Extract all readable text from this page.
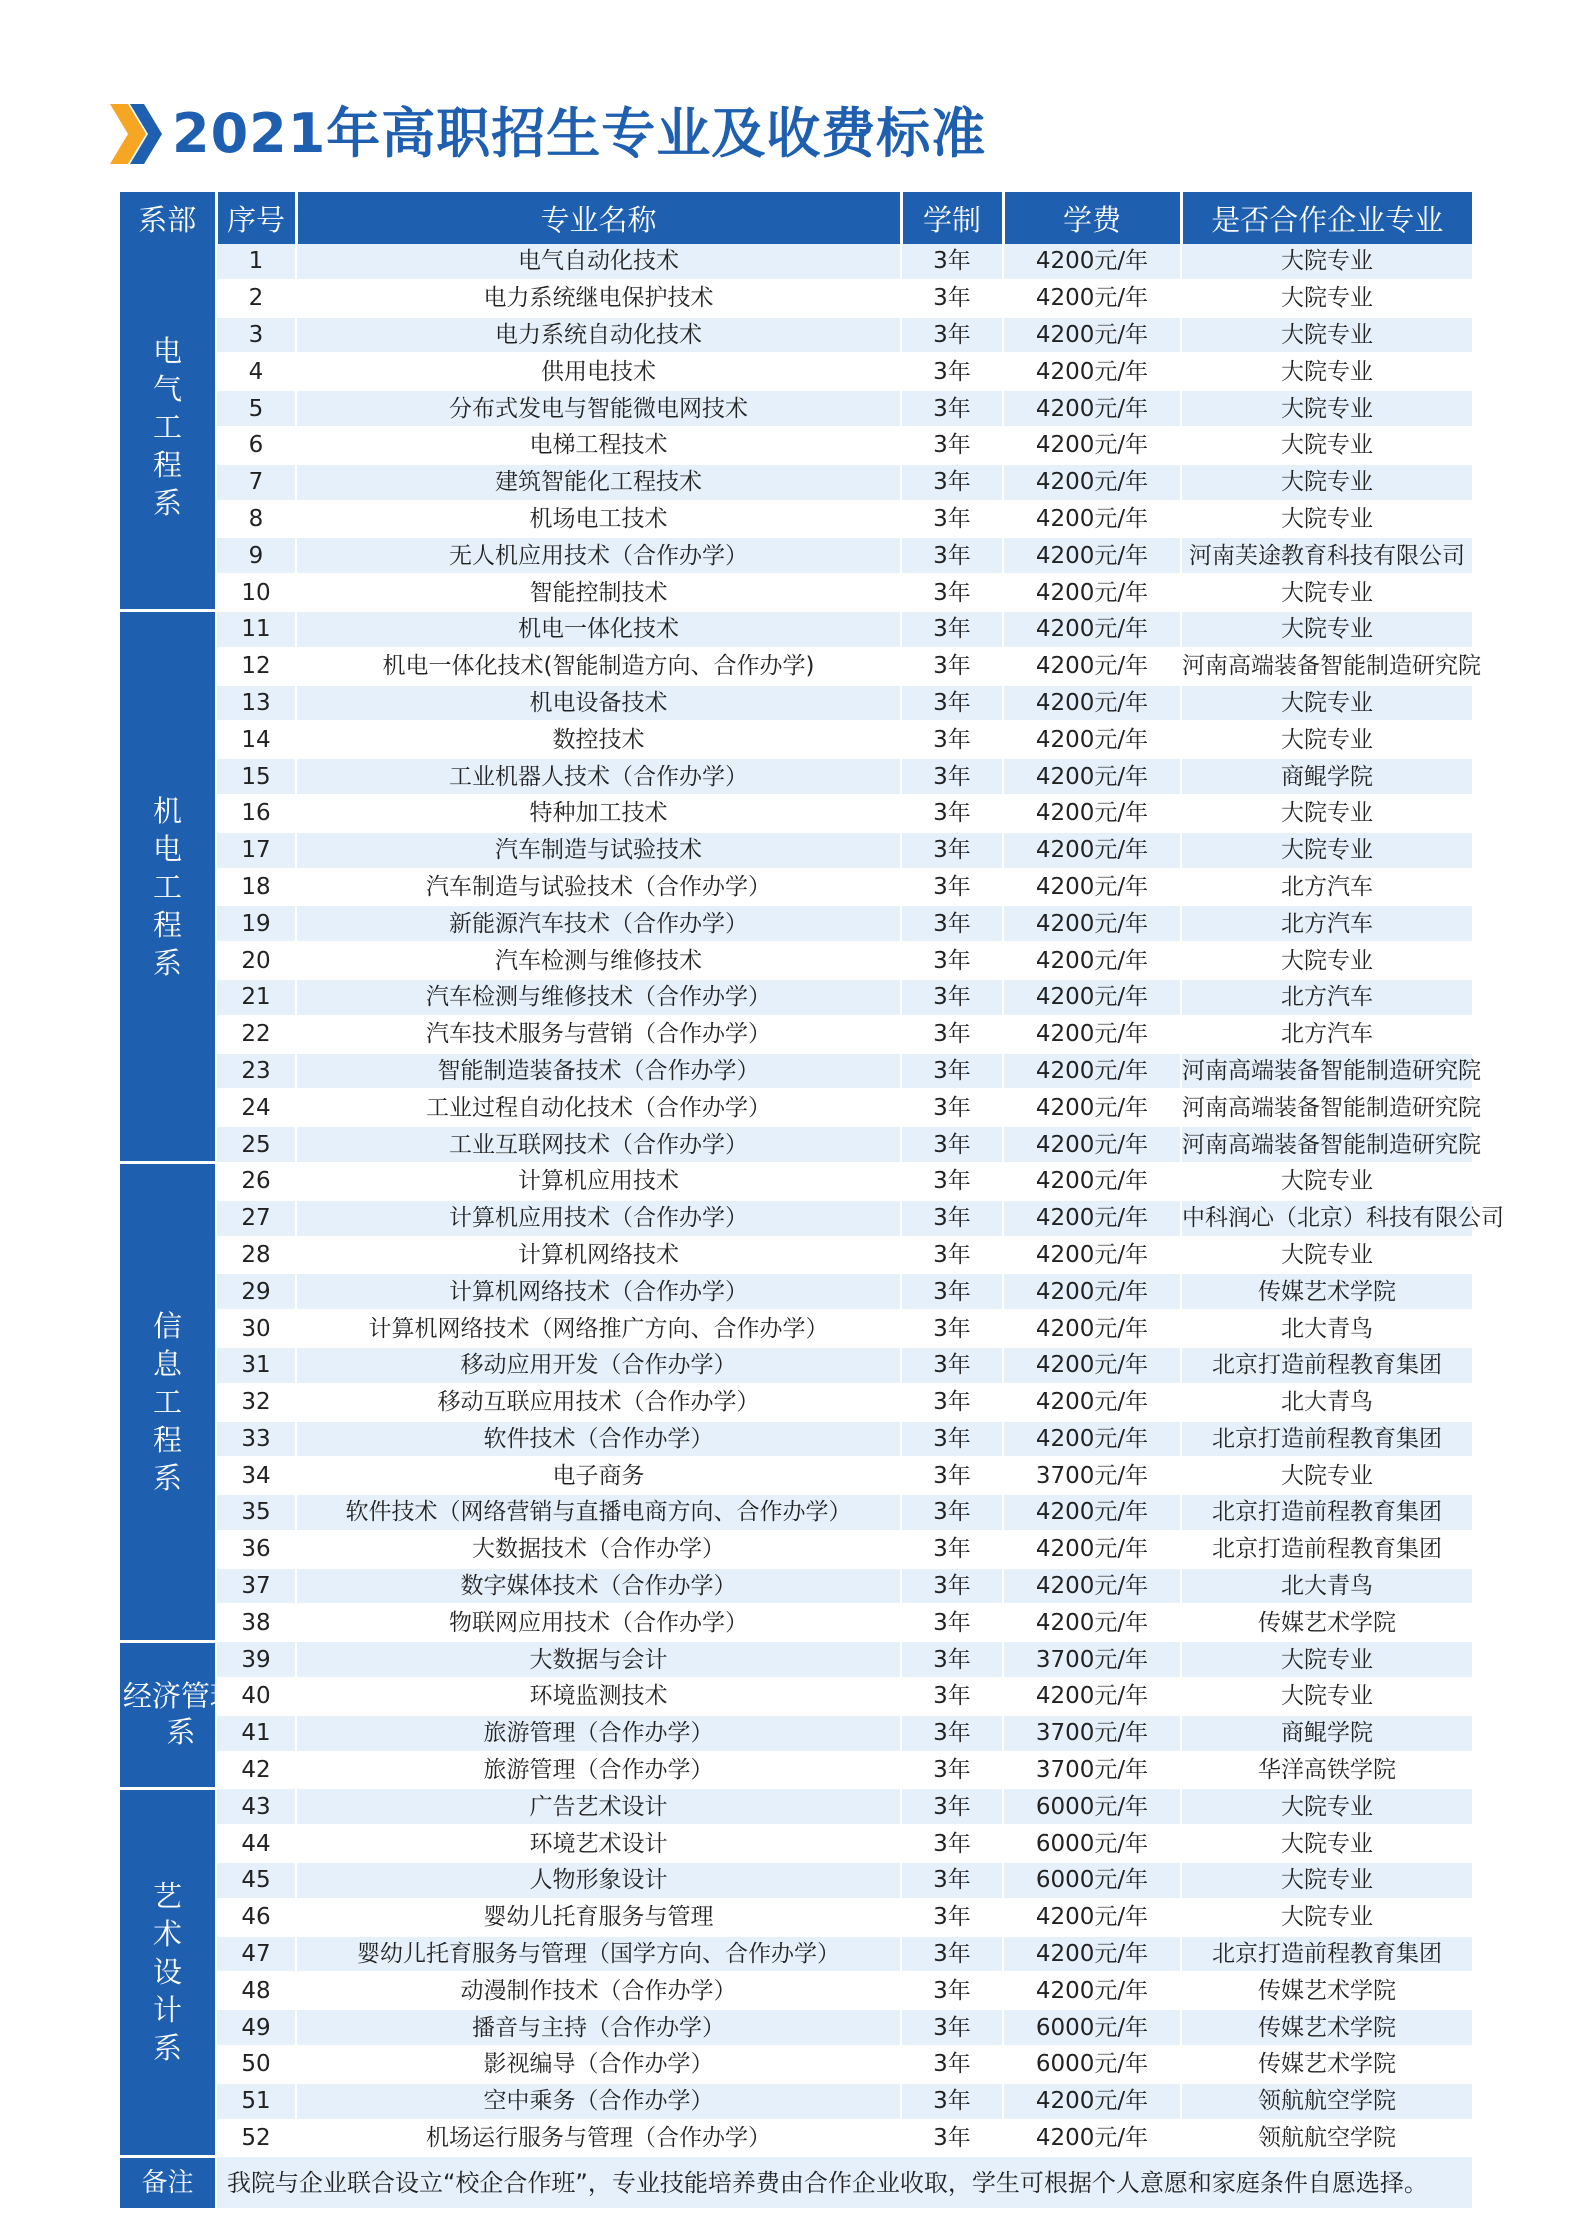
2021年高职招生专业及收费标准
系部	序号	专业名称	学制	学费	是否合作企业专业
电气工程系	1	电气自动化技术	3年	4200元/年	大院专业
	2	电力系统继电保护技术	3年	4200元/年	大院专业
	3	电力系统自动化技术	3年	4200元/年	大院专业
	4	供用电技术	3年	4200元/年	大院专业
	5	分布式发电与智能微电网技术	3年	4200元/年	大院专业
	6	电梯工程技术	3年	4200元/年	大院专业
	7	建筑智能化工程技术	3年	4200元/年	大院专业
	8	机场电工技术	3年	4200元/年	大院专业
	9	无人机应用技术（合作办学）	3年	4200元/年	河南芙途教育科技有限公司
	10	智能控制技术	3年	4200元/年	大院专业
机电工程系	11	机电一体化技术	3年	4200元/年	大院专业
	12	机电一体化技术(智能制造方向、合作办学)	3年	4200元/年	河南高端装备智能制造研究院
	13	机电设备技术	3年	4200元/年	大院专业
	14	数控技术	3年	4200元/年	大院专业
	15	工业机器人技术（合作办学）	3年	4200元/年	商鲲学院
	16	特种加工技术	3年	4200元/年	大院专业
	17	汽车制造与试验技术	3年	4200元/年	大院专业
	18	汽车制造与试验技术（合作办学）	3年	4200元/年	北方汽车
	19	新能源汽车技术（合作办学）	3年	4200元/年	北方汽车
	20	汽车检测与维修技术	3年	4200元/年	大院专业
	21	汽车检测与维修技术（合作办学）	3年	4200元/年	北方汽车
	22	汽车技术服务与营销（合作办学）	3年	4200元/年	北方汽车
	23	智能制造装备技术（合作办学）	3年	4200元/年	河南高端装备智能制造研究院
	24	工业过程自动化技术（合作办学）	3年	4200元/年	河南高端装备智能制造研究院
	25	工业互联网技术（合作办学）	3年	4200元/年	河南高端装备智能制造研究院
信息工程系	26	计算机应用技术	3年	4200元/年	大院专业
	27	计算机应用技术（合作办学）	3年	4200元/年	中科润心（北京）科技有限公司
	28	计算机网络技术	3年	4200元/年	大院专业
	29	计算机网络技术（合作办学）	3年	4200元/年	传媒艺术学院
	30	计算机网络技术（网络推广方向、合作办学）	3年	4200元/年	北大青鸟
	31	移动应用开发（合作办学）	3年	4200元/年	北京打造前程教育集团
	32	移动互联应用技术（合作办学）	3年	4200元/年	北大青鸟
	33	软件技术（合作办学）	3年	4200元/年	北京打造前程教育集团
	34	电子商务	3年	3700元/年	大院专业
	35	软件技术（网络营销与直播电商方向、合作办学）	3年	4200元/年	北京打造前程教育集团
	36	大数据技术（合作办学）	3年	4200元/年	北京打造前程教育集团
	37	数字媒体技术（合作办学）	3年	4200元/年	北大青鸟
	38	物联网应用技术（合作办学）	3年	4200元/年	传媒艺术学院
经济管理系	39	大数据与会计	3年	3700元/年	大院专业
	40	环境监测技术	3年	4200元/年	大院专业
	41	旅游管理（合作办学）	3年	3700元/年	商鲲学院
	42	旅游管理（合作办学）	3年	3700元/年	华洋高铁学院
艺术设计系	43	广告艺术设计	3年	6000元/年	大院专业
	44	环境艺术设计	3年	6000元/年	大院专业
	45	人物形象设计	3年	6000元/年	大院专业
	46	婴幼儿托育服务与管理	3年	4200元/年	大院专业
	47	婴幼儿托育服务与管理（国学方向、合作办学）	3年	4200元/年	北京打造前程教育集团
	48	动漫制作技术（合作办学）	3年	4200元/年	传媒艺术学院
	49	播音与主持（合作办学）	3年	6000元/年	传媒艺术学院
	50	影视编导（合作办学）	3年	6000元/年	传媒艺术学院
	51	空中乘务（合作办学）	3年	4200元/年	领航航空学院
	52	机场运行服务与管理（合作办学）	3年	4200元/年	领航航空学院
备注	我院与企业联合设立“校企合作班”，专业技能培养费由合作企业收取，学生可根据个人意愿和家庭条件自愿选择。				
